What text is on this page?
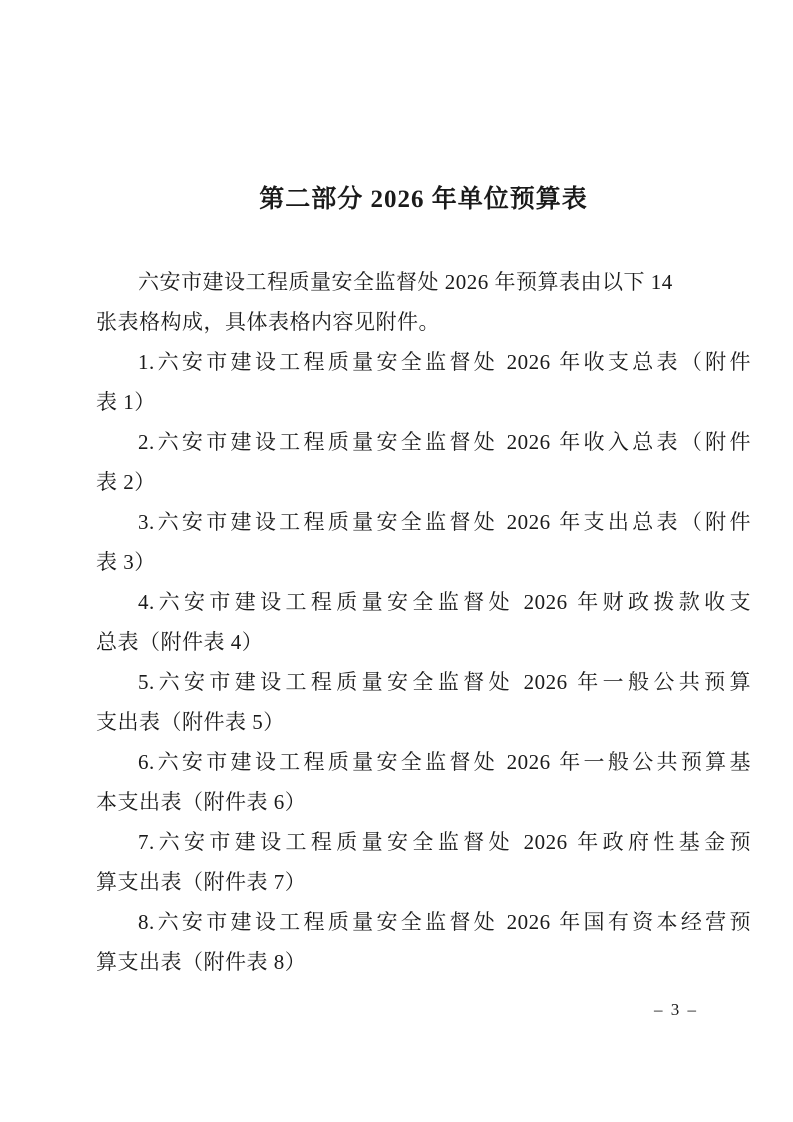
第二部分 2026 年单位预算表
六安市建设工程质量安全监督处 2026 年预算表由以下 14
张表格构成，具体表格内容见附件。
1.六安市建设工程质量安全监督处 2026 年收支总表（附件
表 1）
2.六安市建设工程质量安全监督处 2026 年收入总表（附件
表 2）
3.六安市建设工程质量安全监督处 2026 年支出总表（附件
表 3）
4.六安市建设工程质量安全监督处 2026 年财政拨款收支
总表（附件表 4）
5.六安市建设工程质量安全监督处 2026 年一般公共预算
支出表（附件表 5）
6.六安市建设工程质量安全监督处 2026 年一般公共预算基
本支出表（附件表 6）
7.六安市建设工程质量安全监督处 2026 年政府性基金预
算支出表（附件表 7）
8.六安市建设工程质量安全监督处 2026 年国有资本经营预
算支出表（附件表 8）
– 3 –
